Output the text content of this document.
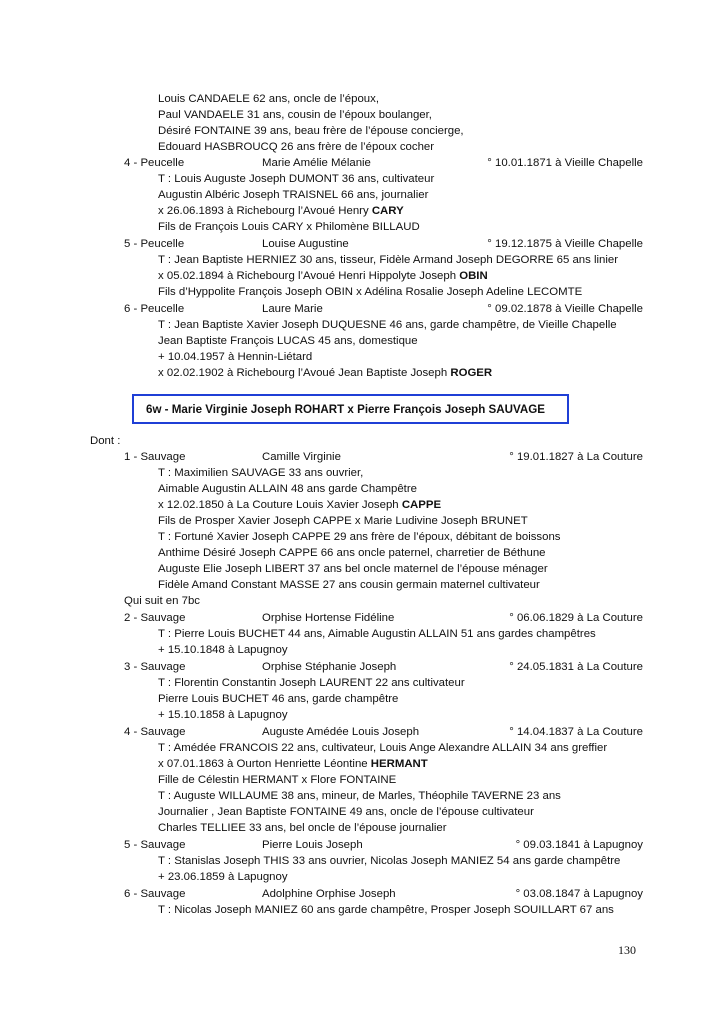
Louis CANDAELE 62 ans, oncle de l’époux,
Paul VANDAELE 31 ans, cousin de l’époux boulanger,
Désiré FONTAINE 39 ans, beau frère de l’épouse concierge,
Edouard HASBROUCQ 26 ans frère de l’époux cocher
4 - Peucelle	Marie Amélie Mélanie	° 10.01.1871 à Vieille Chapelle
T : Louis Auguste Joseph DUMONT 36 ans, cultivateur
Augustin Albéric Joseph TRAISNEL 66 ans, journalier
x 26.06.1893 à Richebourg l’Avoué Henry CARY
Fils de François Louis CARY x Philomène BILLAUD
5 - Peucelle	Louise Augustine	° 19.12.1875 à Vieille Chapelle
T : Jean Baptiste HERNIEZ 30 ans, tisseur, Fidèle Armand Joseph DEGORRE 65 ans linier
x 05.02.1894 à Richebourg l’Avoué Henri Hippolyte Joseph OBIN
Fils d’Hyppolite François Joseph OBIN x Adélina Rosalie Joseph Adeline LECOMTE
6 - Peucelle	Laure Marie	° 09.02.1878 à Vieille Chapelle
T : Jean Baptiste Xavier Joseph DUQUESNE 46 ans, garde champêtre, de Vieille Chapelle
Jean Baptiste François LUCAS 45 ans, domestique
+ 10.04.1957 à Hennin-Liétard
x 02.02.1902 à Richebourg l’Avoué Jean Baptiste Joseph ROGER
6w - Marie Virginie Joseph ROHART x Pierre François Joseph SAUVAGE
Dont :
1 - Sauvage	Camille Virginie	° 19.01.1827 à La Couture
T : Maximilien SAUVAGE 33 ans ouvrier,
Aimable Augustin ALLAIN 48 ans garde Champêtre
x 12.02.1850 à La Couture Louis Xavier Joseph CAPPE
Fils de Prosper Xavier Joseph CAPPE x Marie Ludivine Joseph BRUNET
T : Fortuné Xavier Joseph CAPPE 29 ans frère de l’époux, débitant de boissons
Anthime Désiré Joseph CAPPE 66 ans oncle paternel, charretier de Béthune
Auguste Elie Joseph LIBERT 37 ans bel oncle maternel de l’épouse ménager
Fidèle Amand Constant MASSE 27 ans cousin germain maternel cultivateur
Qui suit en 7bc
2 - Sauvage	Orphise Hortense Fidéline	° 06.06.1829 à La Couture
T : Pierre Louis BUCHET 44 ans, Aimable Augustin ALLAIN 51 ans gardes champêtres
+ 15.10.1848 à Lapugnoy
3 - Sauvage	Orphise Stéphanie Joseph	° 24.05.1831 à La Couture
T : Florentin Constantin Joseph LAURENT 22 ans cultivateur
Pierre Louis BUCHET 46 ans, garde champêtre
+ 15.10.1858 à Lapugnoy
4 - Sauvage	Auguste Amédée Louis Joseph	° 14.04.1837 à La Couture
T : Amédée FRANCOIS 22 ans, cultivateur, Louis Ange Alexandre ALLAIN 34 ans greffier
x 07.01.1863 à Ourton Henriette Léontine HERMANT
Fille de Célestin HERMANT x Flore FONTAINE
T : Auguste WILLAUME 38 ans, mineur, de Marles, Théophile TAVERNE 23 ans
Journalier , Jean Baptiste FONTAINE 49 ans, oncle de l’épouse cultivateur
Charles TELLIEE 33 ans, bel oncle de l’épouse journalier
5 - Sauvage	Pierre Louis Joseph	° 09.03.1841 à Lapugnoy
T : Stanislas Joseph THIS 33 ans ouvrier, Nicolas Joseph MANIEZ 54 ans garde champêtre
+ 23.06.1859 à Lapugnoy
6 - Sauvage	Adolphine Orphise Joseph	° 03.08.1847 à Lapugnoy
T : Nicolas Joseph MANIEZ 60 ans garde champêtre, Prosper Joseph SOUILLART 67 ans
130
